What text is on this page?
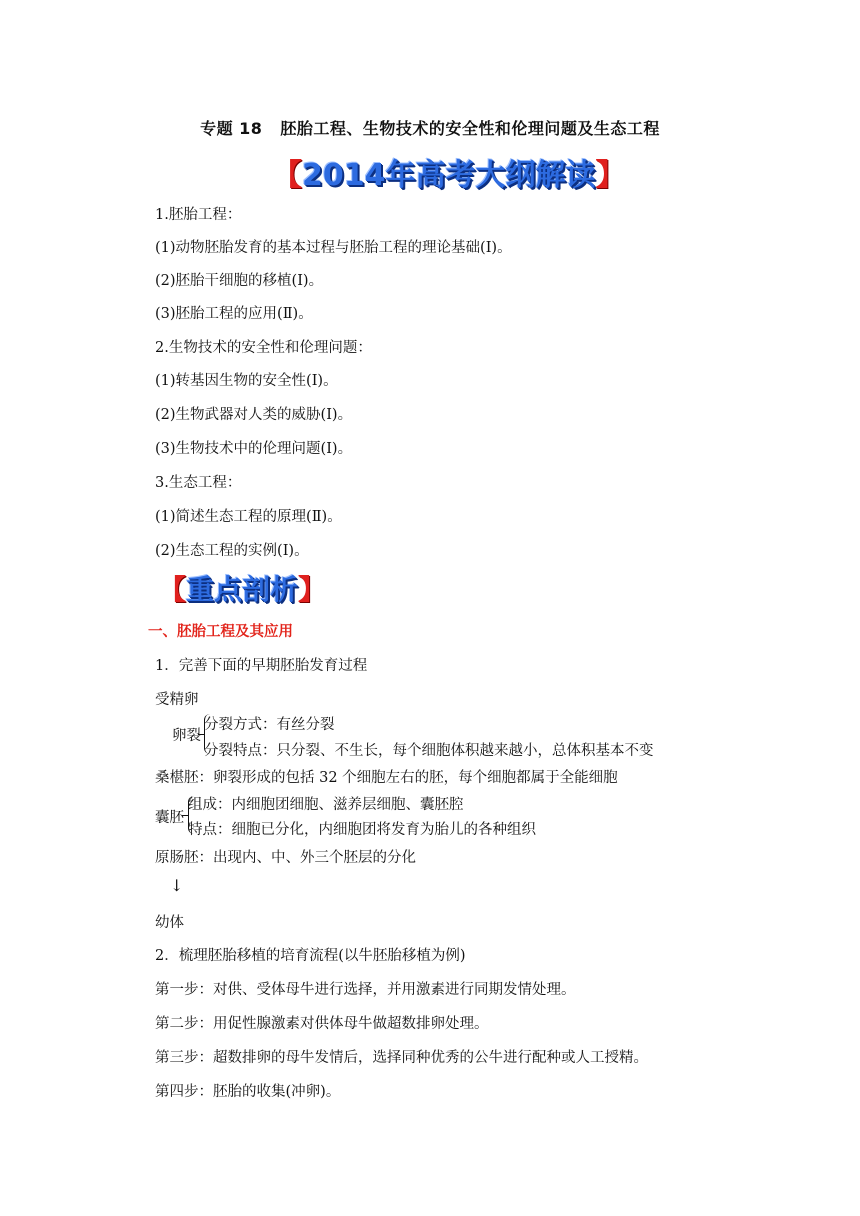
专题 18 胚胎工程、生物技术的安全性和伦理问题及生态工程
【2014年高考大纲解读】
1.胚胎工程：
(1)动物胚胎发育的基本过程与胚胎工程的理论基础(Ⅰ)。
(2)胚胎干细胞的移植(Ⅰ)。
(3)胚胎工程的应用(Ⅱ)。
2.生物技术的安全性和伦理问题：
(1)转基因生物的安全性(Ⅰ)。
(2)生物武器对人类的威胁(Ⅰ)。
(3)生物技术中的伦理问题(Ⅰ)。
3.生态工程：
(1)简述生态工程的原理(Ⅱ)。
(2)生态工程的实例(Ⅰ)。
【重点剖析】
一、胚胎工程及其应用
1．完善下面的早期胚胎发育过程
受精卵
卵裂
分裂方式：有丝分裂
分裂特点：只分裂、不生长，每个细胞体积越来越小，总体积基本不变
桑椹胚：卵裂形成的包括 32 个细胞左右的胚，每个细胞都属于全能细胞
囊胚
组成：内细胞团细胞、滋养层细胞、囊胚腔
特点：细胞已分化，内细胞团将发育为胎儿的各种组织
原肠胚：出现内、中、外三个胚层的分化
↓
幼体
2．梳理胚胎移植的培育流程(以牛胚胎移植为例)
第一步：对供、受体母牛进行选择，并用激素进行同期发情处理。
第二步：用促性腺激素对供体母牛做超数排卵处理。
第三步：超数排卵的母牛发情后，选择同种优秀的公牛进行配种或人工授精。
第四步：胚胎的收集(冲卵)。
